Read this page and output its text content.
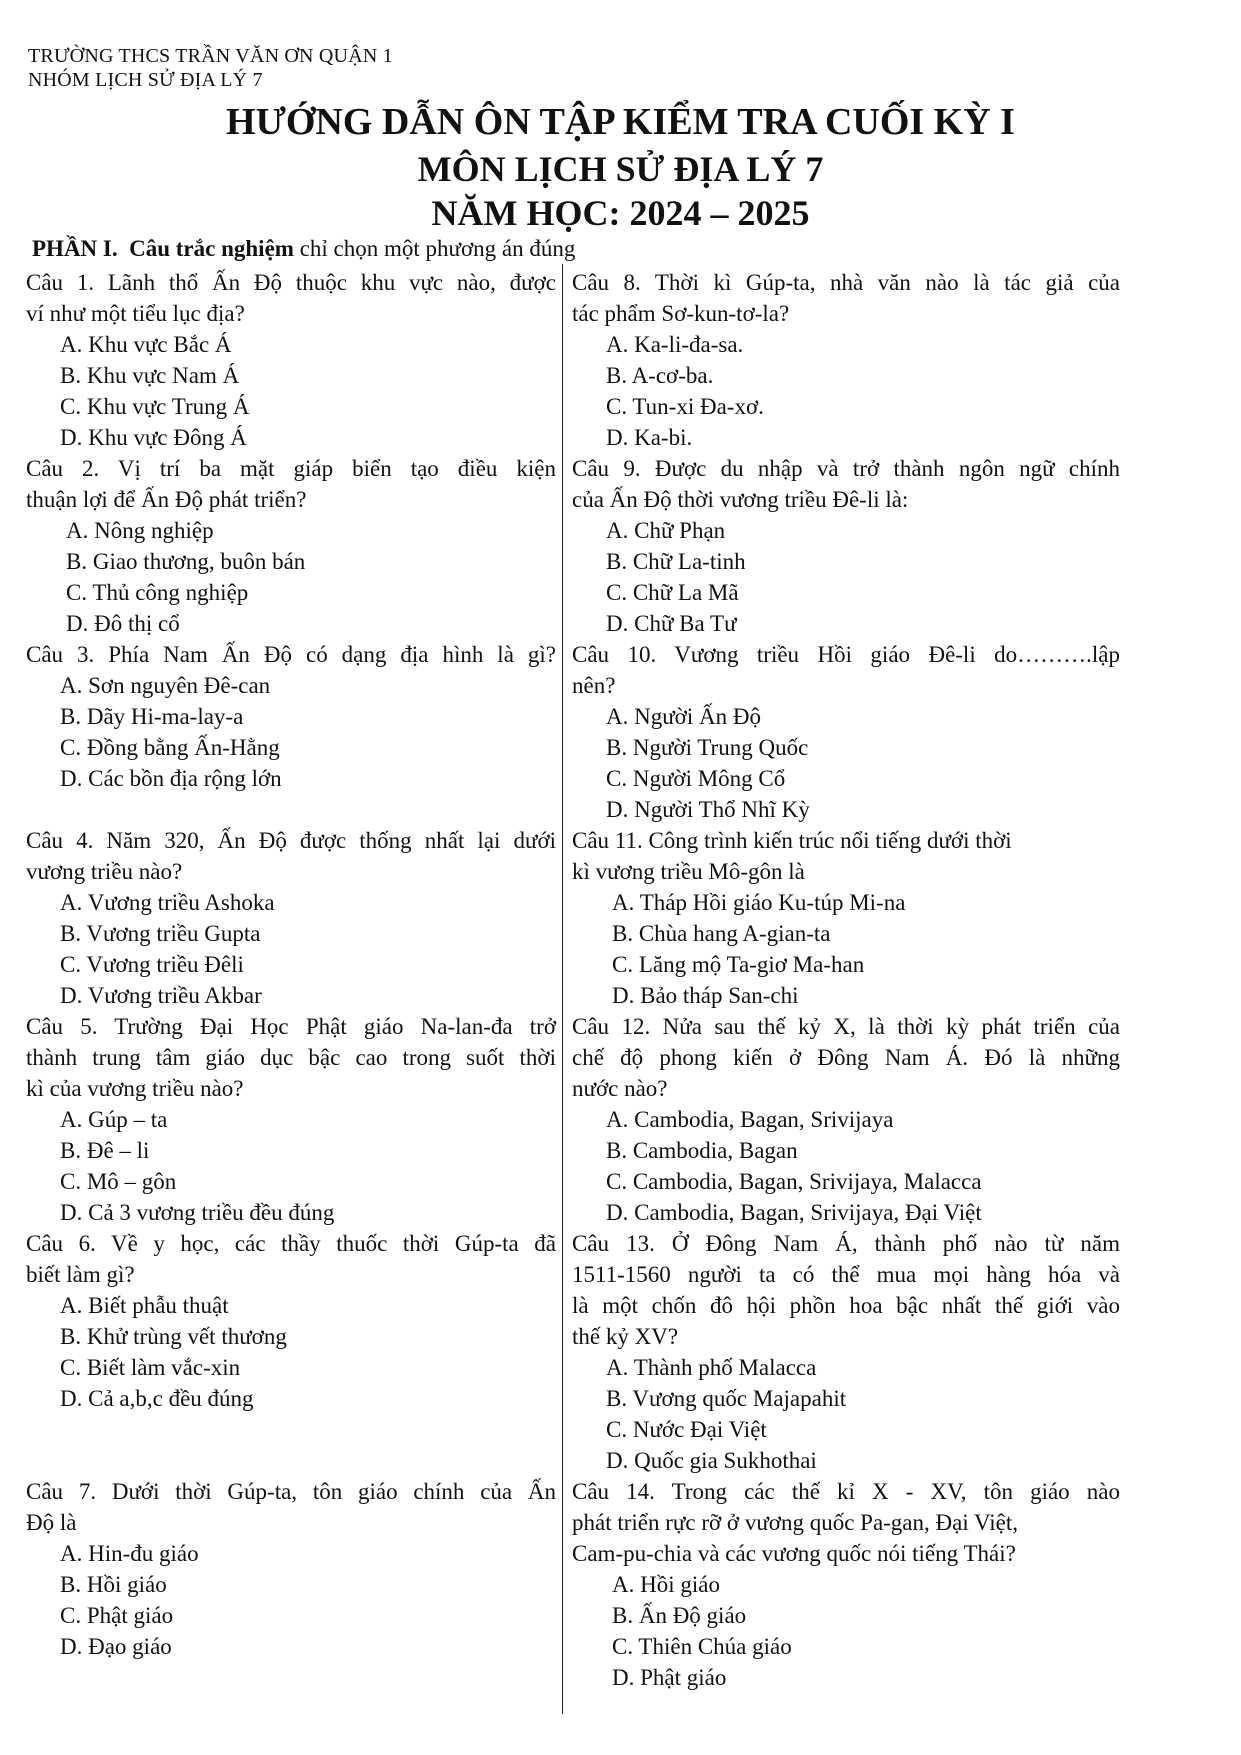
TRƯỜNG THCS TRẦN VĂN ƠN QUẬN 1
NHÓM LỊCH SỬ ĐỊA LÝ 7
HƯỚNG DẪN ÔN TẬP KIỂM TRA CUỐI KỲ I
MÔN LỊCH SỬ ĐỊA LÝ 7
NĂM HỌC: 2024 – 2025
PHẦN I. Câu trắc nghiệm chỉ chọn một phương án đúng
Câu 1. Lãnh thổ Ấn Độ thuộc khu vực nào, được
ví như một tiểu lục địa?
A. Khu vực Bắc Á
B. Khu vực Nam Á
C. Khu vực Trung Á
D. Khu vực Đông Á
Câu 2. Vị trí ba mặt giáp biển tạo điều kiện
thuận lợi để Ấn Độ phát triển?
A. Nông nghiệp
B. Giao thương, buôn bán
C. Thủ công nghiệp
D. Đô thị cổ
Câu 3. Phía Nam Ấn Độ có dạng địa hình là gì?
A. Sơn nguyên Đê-can
B. Dãy Hi-ma-lay-a
C. Đồng bằng Ấn-Hằng
D. Các bồn địa rộng lớn
Câu 4. Năm 320, Ấn Độ được thống nhất lại dưới
vương triều nào?
A. Vương triều Ashoka
B. Vương triều Gupta
C. Vương triều Đêli
D. Vương triều Akbar
Câu 5. Trường Đại Học Phật giáo Na-lan-đa trở
thành trung tâm giáo dục bậc cao trong suốt thời
kì của vương triều nào?
A. Gúp – ta
B. Đê – li
C. Mô – gôn
D. Cả 3 vương triều đều đúng
Câu 6. Về y học, các thầy thuốc thời Gúp-ta đã
biết làm gì?
A. Biết phẫu thuật
B. Khử trùng vết thương
C. Biết làm vắc-xin
D. Cả a,b,c đều đúng
Câu 7. Dưới thời Gúp-ta, tôn giáo chính của Ấn
Độ là
A. Hin-đu giáo
B. Hồi giáo
C. Phật giáo
D. Đạo giáo
Câu 8. Thời kì Gúp-ta, nhà văn nào là tác giả của
tác phẩm Sơ-kun-tơ-la?
A. Ka-li-đa-sa.
B. A-cơ-ba.
C. Tun-xi Đa-xơ.
D. Ka-bi.
Câu 9. Được du nhập và trở thành ngôn ngữ chính
của Ấn Độ thời vương triều Đê-li là:
A. Chữ Phạn
B. Chữ La-tinh
C. Chữ La Mã
D. Chữ Ba Tư
Câu 10. Vương triều Hồi giáo Đê-li do……….lập
nên?
A. Người Ấn Độ
B. Người Trung Quốc
C. Người Mông Cổ
D. Người Thổ Nhĩ Kỳ
Câu 11. Công trình kiến trúc nổi tiếng dưới thời
kì vương triều Mô-gôn là
A. Tháp Hồi giáo Ku-túp Mi-na
B. Chùa hang A-gian-ta
C. Lăng mộ Ta-giơ Ma-han
D. Bảo tháp San-chi
Câu 12. Nửa sau thế kỷ X, là thời kỳ phát triển của
chế độ phong kiến ở Đông Nam Á. Đó là những
nước nào?
A. Cambodia, Bagan, Srivijaya
B. Cambodia, Bagan
C. Cambodia, Bagan, Srivijaya, Malacca
D. Cambodia, Bagan, Srivijaya, Đại Việt
Câu 13. Ở Đông Nam Á, thành phố nào từ năm
1511-1560 người ta có thể mua mọi hàng hóa và
là một chốn đô hội phồn hoa bậc nhất thế giới vào
thế kỷ XV?
A. Thành phố Malacca
B. Vương quốc Majapahit
C. Nước Đại Việt
D. Quốc gia Sukhothai
Câu 14. Trong các thế kỉ X - XV, tôn giáo nào
phát triển rực rỡ ở vương quốc Pa-gan, Đại Việt,
Cam-pu-chia và các vương quốc nói tiếng Thái?
A. Hồi giáo
B. Ấn Độ giáo
C. Thiên Chúa giáo
D. Phật giáo
